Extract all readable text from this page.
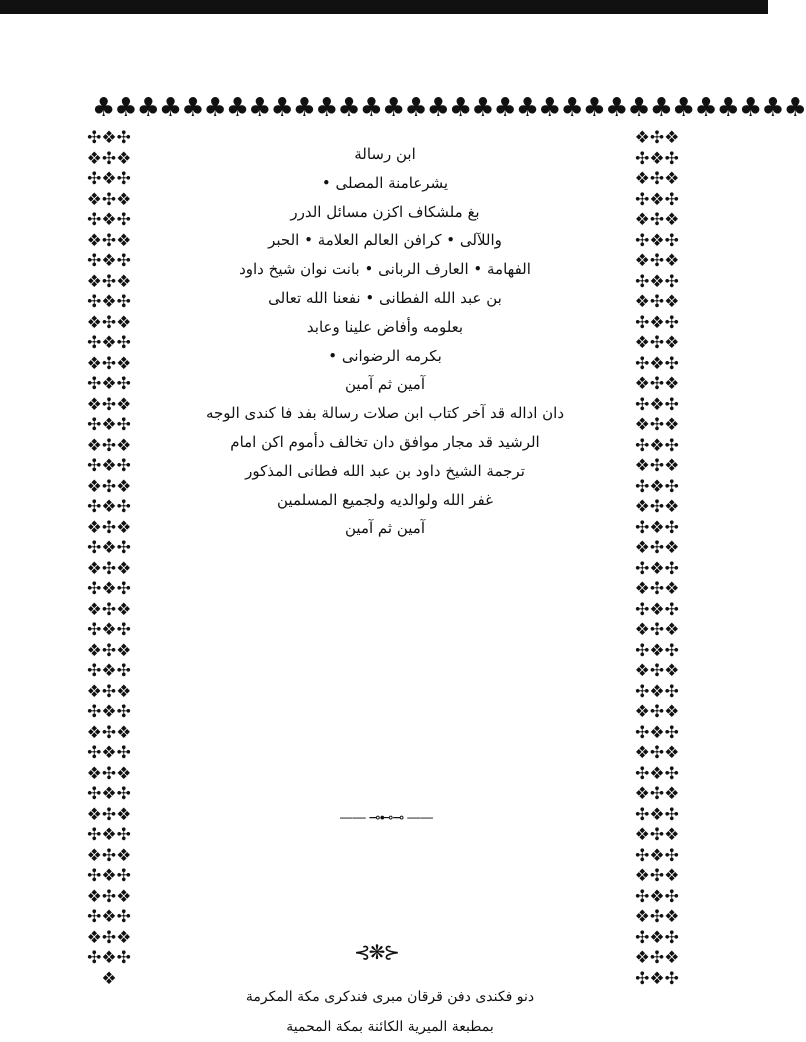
♣♣♣♣♣♣♣♣♣♣♣♣♣♣♣♣♣♣♣♣♣♣♣♣♣♣♣♣♣♣♣♣
✣❖✣❖✣❖✣❖✣❖✣❖✣❖✣❖✣❖✣❖✣❖✣❖✣❖✣❖✣❖✣❖✣❖✣❖✣❖✣❖✣❖✣❖✣❖✣❖✣❖✣❖✣❖✣❖✣❖✣❖✣❖✣❖✣❖✣❖✣❖✣❖✣❖✣❖✣❖✣❖✣❖✣❖✣❖✣❖✣❖✣❖✣❖✣❖✣❖✣❖✣❖✣❖✣❖✣❖✣❖✣❖✣❖✣❖✣❖✣❖✣❖✣❖
❖✣❖✣❖✣❖✣❖✣❖✣❖✣❖✣❖✣❖✣❖✣❖✣❖✣❖✣❖✣❖✣❖✣❖✣❖✣❖✣❖✣❖✣❖✣❖✣❖✣❖✣❖✣❖✣❖✣❖✣❖✣❖✣❖✣❖✣❖✣❖✣❖✣❖✣❖✣❖✣❖✣❖✣❖✣❖✣❖✣❖✣❖✣❖✣❖✣❖✣❖✣❖✣❖✣❖✣❖✣❖✣❖✣❖✣❖✣❖✣❖✣❖✣❖✣
ابن رسالة
يشرعامنة المصلى •
بغ ملشكاف اكزن مسائل الدرر
واللآلى • كرافن العالم العلامة • الحبر
الفهامة • العارف الربانى • بانت نوان شيخ داود
بن عبد الله الفطانى • نفعنا الله تعالى
بعلومه وأفاض علينا وعابد
بكرمه الرضوانى •
آمين ثم آمين
دان اداله قد آخر كتاب ابن صلات رسالة بفد فا كندى الوجه
الرشيد قد مجار موافق دان تخالف دأموم اكن امام
ترجمة الشيخ داود بن عبد الله فطانى المذكور
غفر الله ولوالديه ولجميع المسلمين
آمين ثم آمين
—— ⊸⊷⊸ ——
⊰❋⊱
دنو فكندى دفن قرقان مبرى فندكرى مكة المكرمة
بمطبعة الميرية الكائنة بمكة المحمية
